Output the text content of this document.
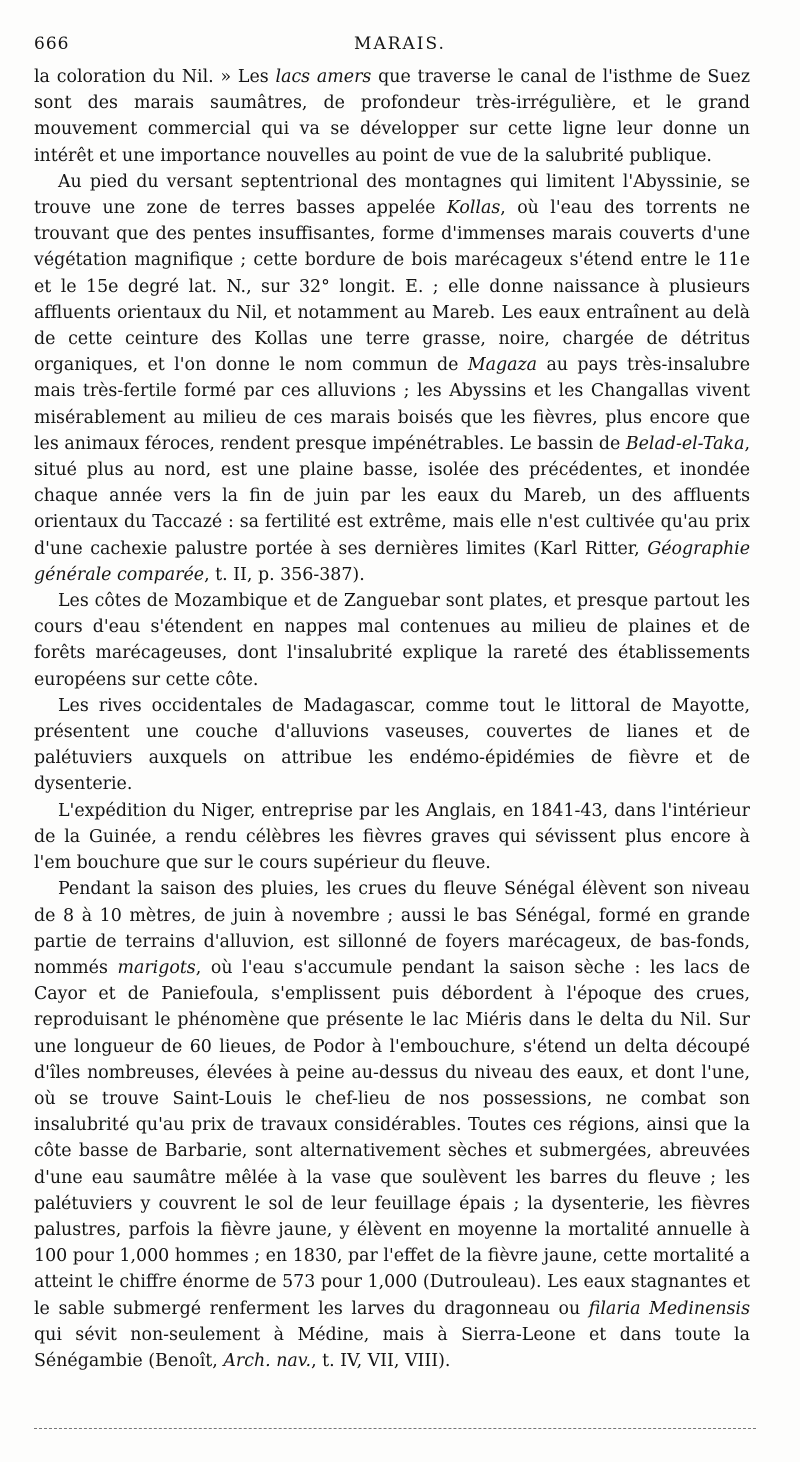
666	MARAIS.

la coloration du Nil. » Les lacs amers que traverse le canal de l'isthme de Suez sont des marais saumâtres, de profondeur très-irrégulière, et le grand mouvement commercial qui va se développer sur cette ligne leur donne un intérêt et une importance nouvelles au point de vue de la salubrité publique.

Au pied du versant septentrional des montagnes qui limitent l'Abyssinie, se trouve une zone de terres basses appelée Kollas, où l'eau des torrents ne trouvant que des pentes insuffisantes, forme d'immenses marais couverts d'une végétation magnifique ; cette bordure de bois marécageux s'étend entre le 11e et le 15e degré lat. N., sur 32° longit. E. ; elle donne naissance à plusieurs affluents orientaux du Nil, et notamment au Mareb. Les eaux entraînent au delà de cette ceinture des Kollas une terre grasse, noire, chargée de détritus organiques, et l'on donne le nom commun de Magaza au pays très-insalubre mais très-fertile formé par ces alluvions ; les Abyssins et les Changallas vivent misérablement au milieu de ces marais boisés que les fièvres, plus encore que les animaux féroces, rendent presque impénétrables. Le bassin de Belad-el-Taka, situé plus au nord, est une plaine basse, isolée des précédentes, et inondée chaque année vers la fin de juin par les eaux du Mareb, un des affluents orientaux du Taccazé : sa fertilité est extrême, mais elle n'est cultivée qu'au prix d'une cachexie palustre portée à ses dernières limites (Karl Ritter, Géographie générale comparée, t. II, p. 356-387).

Les côtes de Mozambique et de Zanguebar sont plates, et presque partout les cours d'eau s'étendent en nappes mal contenues au milieu de plaines et de forêts marécageuses, dont l'insalubrité explique la rareté des établissements européens sur cette côte.

Les rives occidentales de Madagascar, comme tout le littoral de Mayotte, présentent une couche d'alluvions vaseuses, couvertes de lianes et de palétuviers auxquels on attribue les endémo-épidémies de fièvre et de dysenterie.

L'expédition du Niger, entreprise par les Anglais, en 1841-43, dans l'intérieur de la Guinée, a rendu célèbres les fièvres graves qui sévissent plus encore à l'em bouchure que sur le cours supérieur du fleuve.

Pendant la saison des pluies, les crues du fleuve Sénégal élèvent son niveau de 8 à 10 mètres, de juin à novembre ; aussi le bas Sénégal, formé en grande partie de terrains d'alluvion, est sillonné de foyers marécageux, de bas-fonds, nommés marigots, où l'eau s'accumule pendant la saison sèche : les lacs de Cayor et de Paniefoula, s'emplissent puis débordent à l'époque des crues, reproduisant le phénomène que présente le lac Miéris dans le delta du Nil. Sur une longueur de 60 lieues, de Podor à l'embouchure, s'étend un delta découpé d'îles nombreuses, élevées à peine au-dessus du niveau des eaux, et dont l'une, où se trouve Saint-Louis le chef-lieu de nos possessions, ne combat son insalubrité qu'au prix de travaux considérables. Toutes ces régions, ainsi que la côte basse de Barbarie, sont alternativement sèches et submergées, abreuvées d'une eau saumâtre mêlée à la vase que soulèvent les barres du fleuve ; les palétuviers y couvrent le sol de leur feuillage épais ; la dysenterie, les fièvres palustres, parfois la fièvre jaune, y élèvent en moyenne la mortalité annuelle à 100 pour 1,000 hommes ; en 1830, par l'effet de la fièvre jaune, cette mortalité a atteint le chiffre énorme de 573 pour 1,000 (Dutrouleau). Les eaux stagnantes et le sable submergé renferment les larves du dragonneau ou filaria Medinensis qui sévit non-seulement à Médine, mais à Sierra-Leone et dans toute la Sénégambie (Benoît, Arch. nav., t. IV, VII, VIII).
